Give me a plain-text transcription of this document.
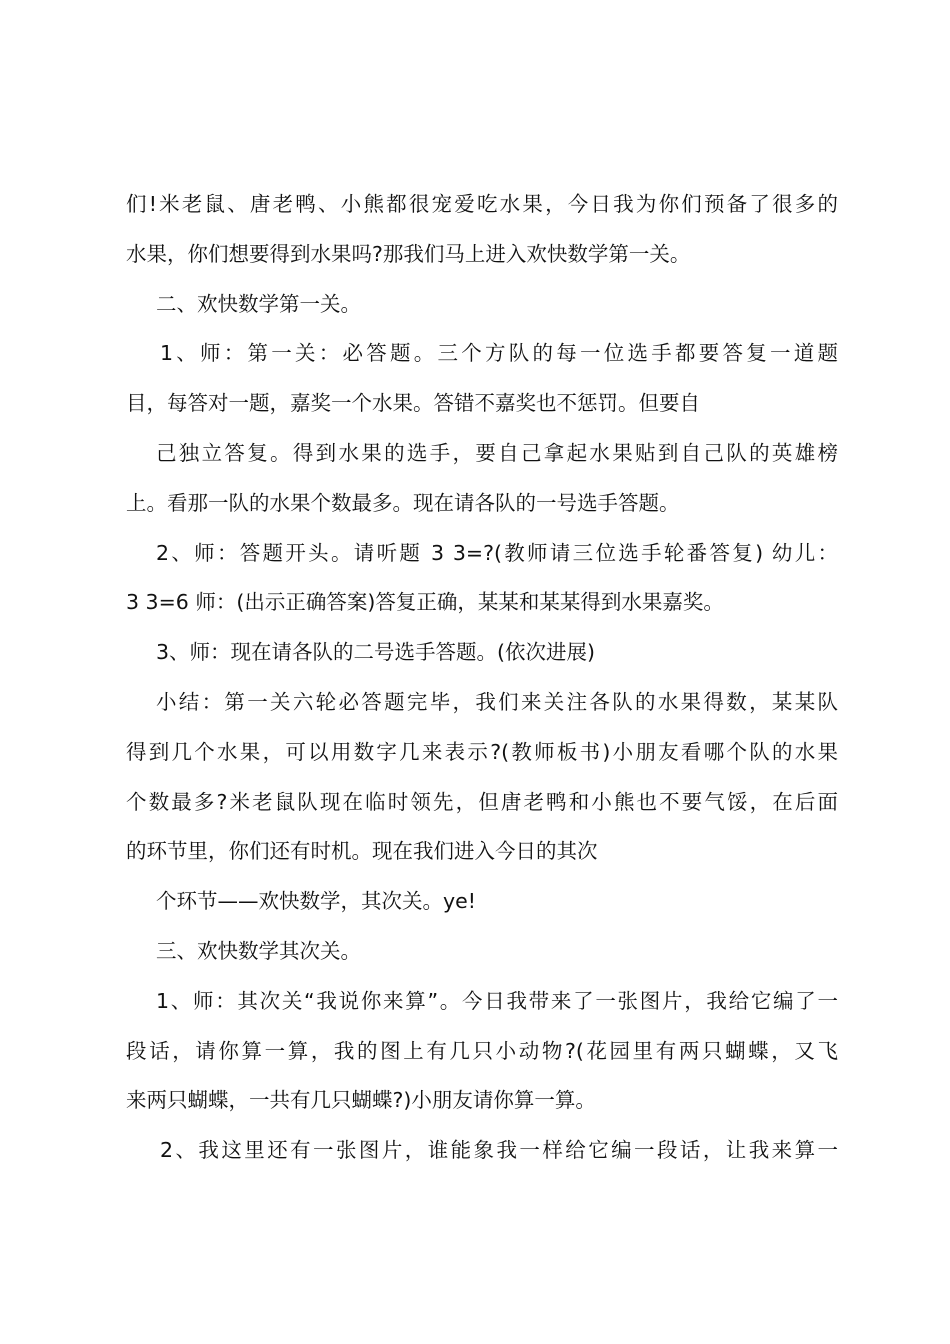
们!米老鼠、唐老鸭、小熊都很宠爱吃水果，今日我为你们预备了很多的
水果，你们想要得到水果吗?那我们马上进入欢快数学第一关。
二、欢快数学第一关。
1、师：第一关：必答题。三个方队的每一位选手都要答复一道题
目，每答对一题，嘉奖一个水果。答错不嘉奖也不惩罚。但要自
己独立答复。得到水果的选手，要自己拿起水果贴到自己队的英雄榜
上。看那一队的水果个数最多。现在请各队的一号选手答题。
2、师：答题开头。请听题 3 3=?(教师请三位选手轮番答复) 幼儿：
3 3=6 师：(出示正确答案)答复正确，某某和某某得到水果嘉奖。
3、师：现在请各队的二号选手答题。(依次进展)
小结：第一关六轮必答题完毕，我们来关注各队的水果得数，某某队
得到几个水果，可以用数字几来表示?(教师板书)小朋友看哪个队的水果
个数最多?米老鼠队现在临时领先，但唐老鸭和小熊也不要气馁，在后面
的环节里，你们还有时机。现在我们进入今日的其次
个环节——欢快数学，其次关。ye!
三、欢快数学其次关。
1、师：其次关“我说你来算”。今日我带来了一张图片，我给它编了一
段话，请你算一算，我的图上有几只小动物?(花园里有两只蝴蝶，又飞
来两只蝴蝶，一共有几只蝴蝶?)小朋友请你算一算。
2、我这里还有一张图片，谁能象我一样给它编一段话，让我来算一
